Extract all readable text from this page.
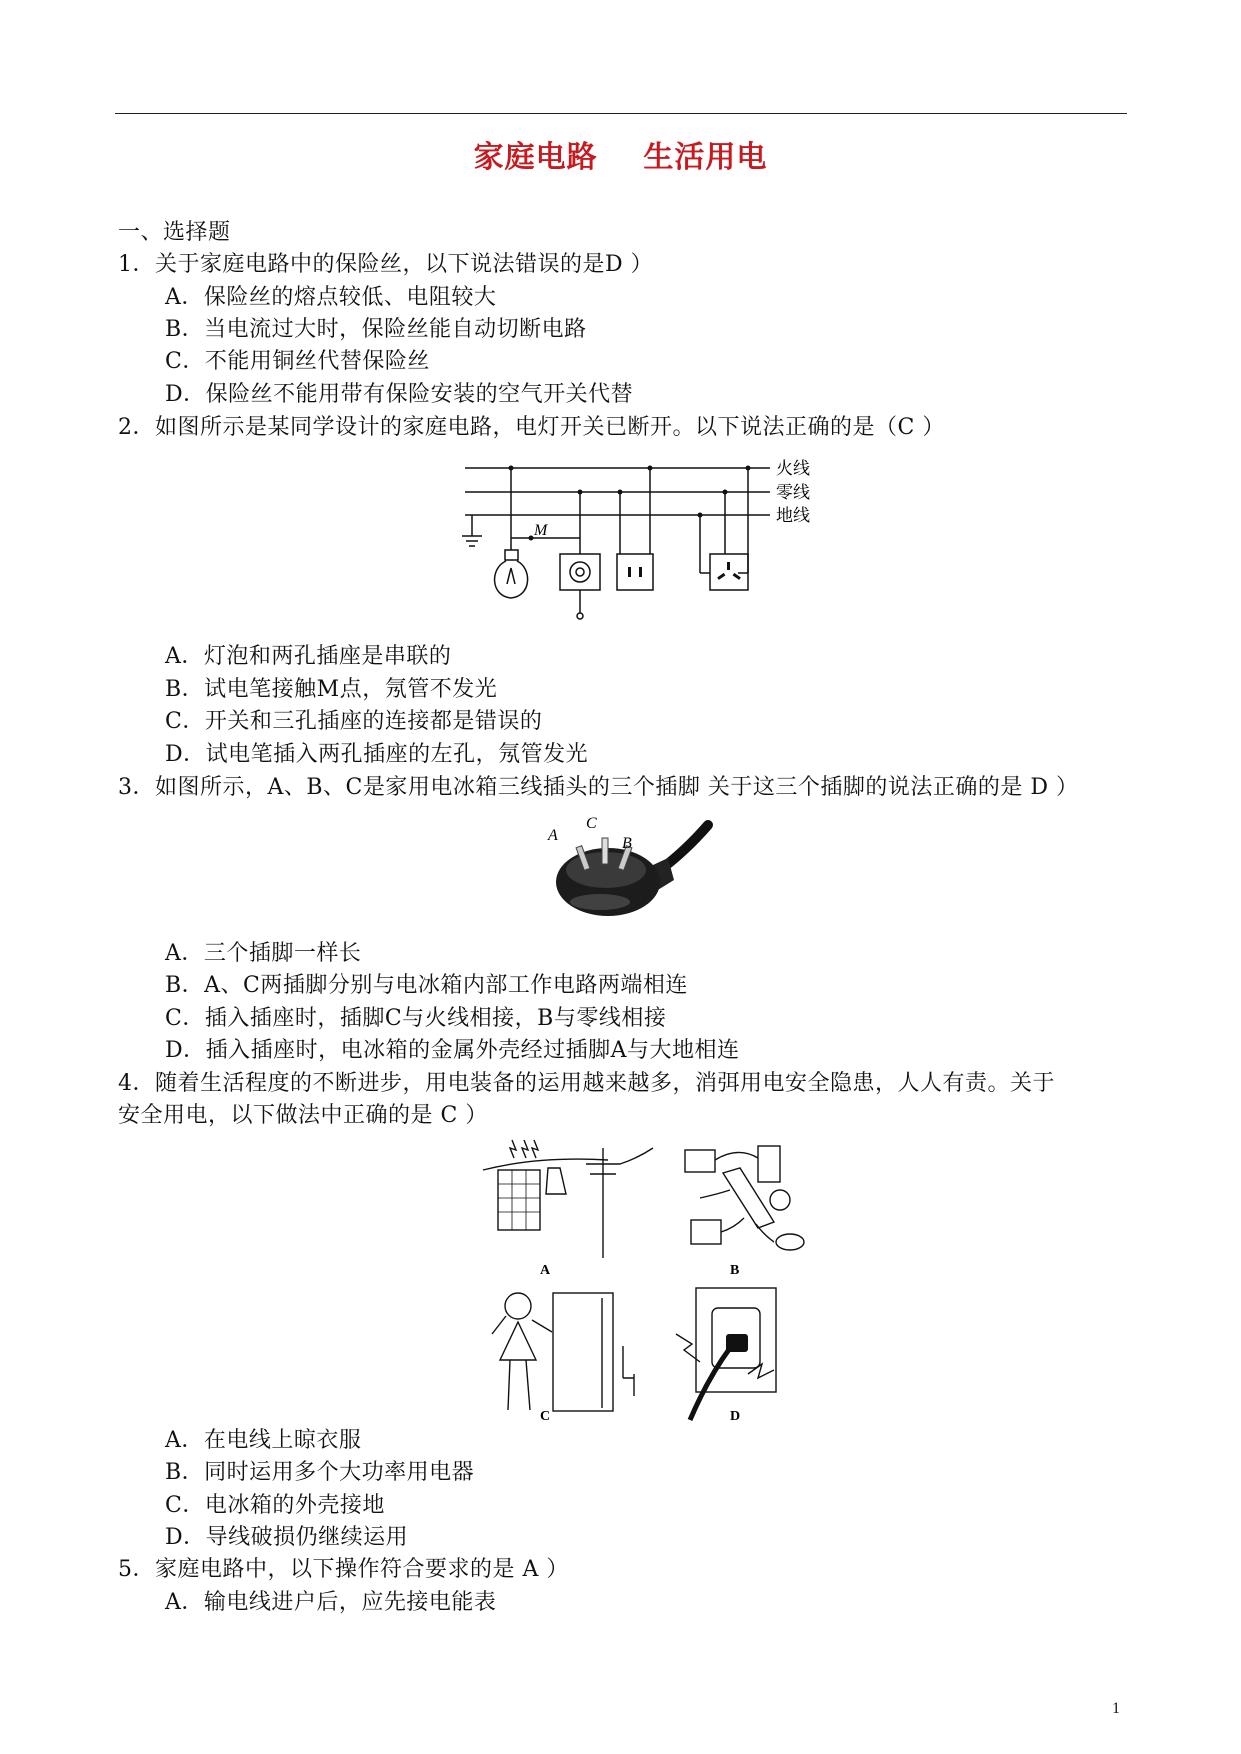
家庭电路    生活用电
一、选择题
1．关于家庭电路中的保险丝，以下说法错误的是D ）
A．保险丝的熔点较低、电阻较大
B．当电流过大时，保险丝能自动切断电路
C．不能用铜丝代替保险丝
D．保险丝不能用带有保险安装的空气开关代替
2．如图所示是某同学设计的家庭电路，电灯开关已断开。以下说法正确的是（C ）
M
火线
零线
地线
A．灯泡和两孔插座是串联的
B．试电笔接触M点，氖管不发光
C．开关和三孔插座的连接都是错误的
D．试电笔插入两孔插座的左孔，氖管发光
3．如图所示，A、B、C是家用电冰箱三线插头的三个插脚 关于这三个插脚的说法正确的是 D ）
A
C
B
A．三个插脚一样长
B．A、C两插脚分别与电冰箱内部工作电路两端相连
C．插入插座时，插脚C与火线相接，B与零线相接
D．插入插座时，电冰箱的金属外壳经过插脚A与大地相连
4．随着生活程度的不断进步，用电装备的运用越来越多，消弭用电安全隐患，人人有责。关于
安全用电，以下做法中正确的是 C ）
A	B
C	D
A．在电线上晾衣服
B．同时运用多个大功率用电器
C．电冰箱的外壳接地
D．导线破损仍继续运用
5．家庭电路中，以下操作符合要求的是 A ）
A．输电线进户后，应先接电能表
1
